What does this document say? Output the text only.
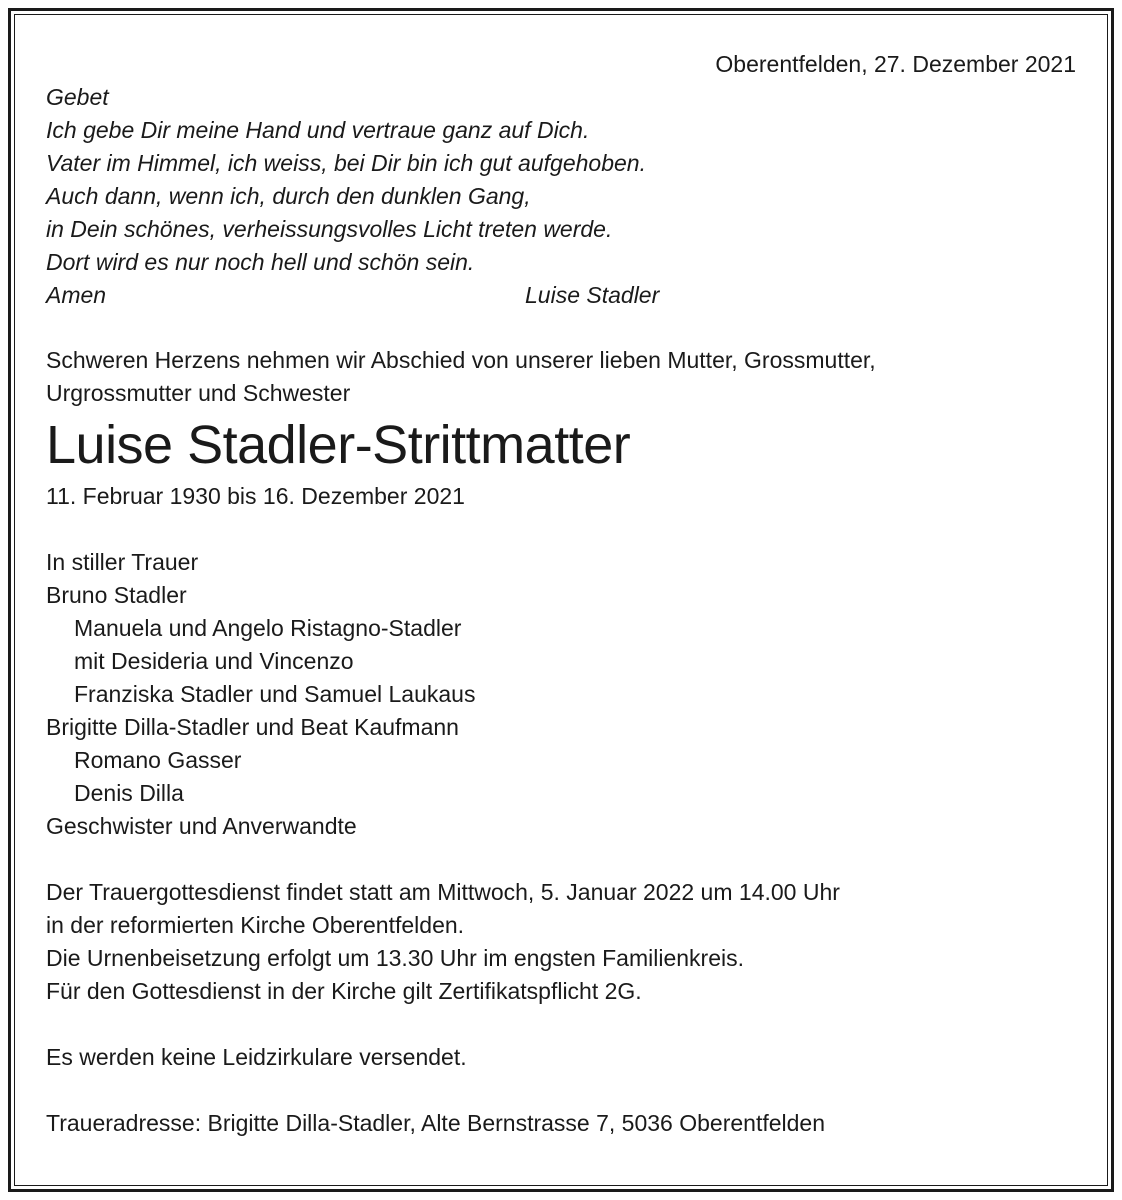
Oberentfelden, 27. Dezember 2021
Gebet
Ich gebe Dir meine Hand und vertraue ganz auf Dich.
Vater im Himmel, ich weiss, bei Dir bin ich gut aufgehoben.
Auch dann, wenn ich, durch den dunklen Gang,
in Dein schönes, verheissungsvolles Licht treten werde.
Dort wird es nur noch hell und schön sein.
Amen	Luise Stadler
Schweren Herzens nehmen wir Abschied von unserer lieben Mutter, Grossmutter,
Urgrossmutter und Schwester
Luise Stadler-Strittmatter
11. Februar 1930 bis 16. Dezember 2021
In stiller Trauer
Bruno Stadler
Manuela und Angelo Ristagno-Stadler
mit Desideria und Vincenzo
Franziska Stadler und Samuel Laukaus
Brigitte Dilla-Stadler und Beat Kaufmann
Romano Gasser
Denis Dilla
Geschwister und Anverwandte
Der Trauergottesdienst findet statt am Mittwoch, 5. Januar 2022 um 14.00 Uhr
in der reformierten Kirche Oberentfelden.
Die Urnenbeisetzung erfolgt um 13.30 Uhr im engsten Familienkreis.
Für den Gottesdienst in der Kirche gilt Zertifikatspflicht 2G.
Es werden keine Leidzirkulare versendet.
Traueradresse: Brigitte Dilla-Stadler, Alte Bernstrasse 7, 5036 Oberentfelden
